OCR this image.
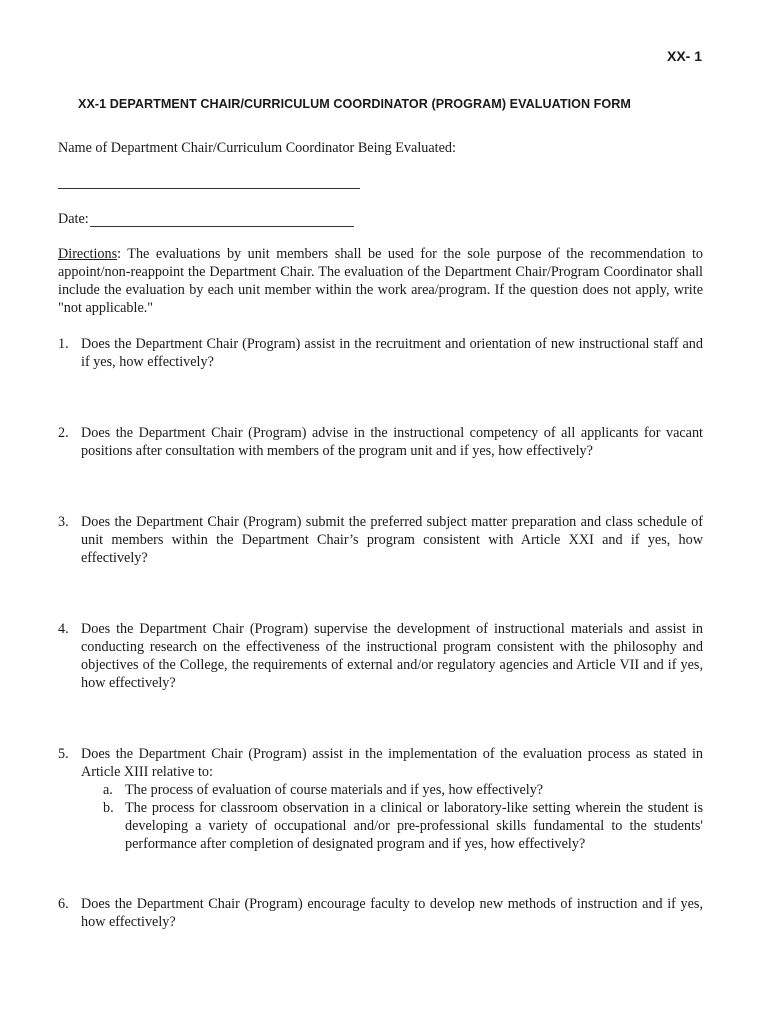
XX- 1
XX-1 DEPARTMENT CHAIR/CURRICULUM COORDINATOR (PROGRAM) EVALUATION FORM
Name of Department Chair/Curriculum Coordinator Being Evaluated:
Date:
Directions: The evaluations by unit members shall be used for the sole purpose of the recommendation to appoint/non-reappoint the Department Chair. The evaluation of the Department Chair/Program Coordinator shall include the evaluation by each unit member within the work area/program. If the question does not apply, write "not applicable."
1. Does the Department Chair (Program) assist in the recruitment and orientation of new instructional staff and if yes, how effectively?
2. Does the Department Chair (Program) advise in the instructional competency of all applicants for vacant positions after consultation with members of the program unit and if yes, how effectively?
3. Does the Department Chair (Program) submit the preferred subject matter preparation and class schedule of unit members within the Department Chair’s program consistent with Article XXI and if yes, how effectively?
4. Does the Department Chair (Program) supervise the development of instructional materials and assist in conducting research on the effectiveness of the instructional program consistent with the philosophy and objectives of the College, the requirements of external and/or regulatory agencies and Article VII and if yes, how effectively?
5. Does the Department Chair (Program) assist in the implementation of the evaluation process as stated in Article XIII relative to:
a. The process of evaluation of course materials and if yes, how effectively?
b. The process for classroom observation in a clinical or laboratory-like setting wherein the student is developing a variety of occupational and/or pre-professional skills fundamental to the students' performance after completion of designated program and if yes, how effectively?
6. Does the Department Chair (Program) encourage faculty to develop new methods of instruction and if yes, how effectively?
